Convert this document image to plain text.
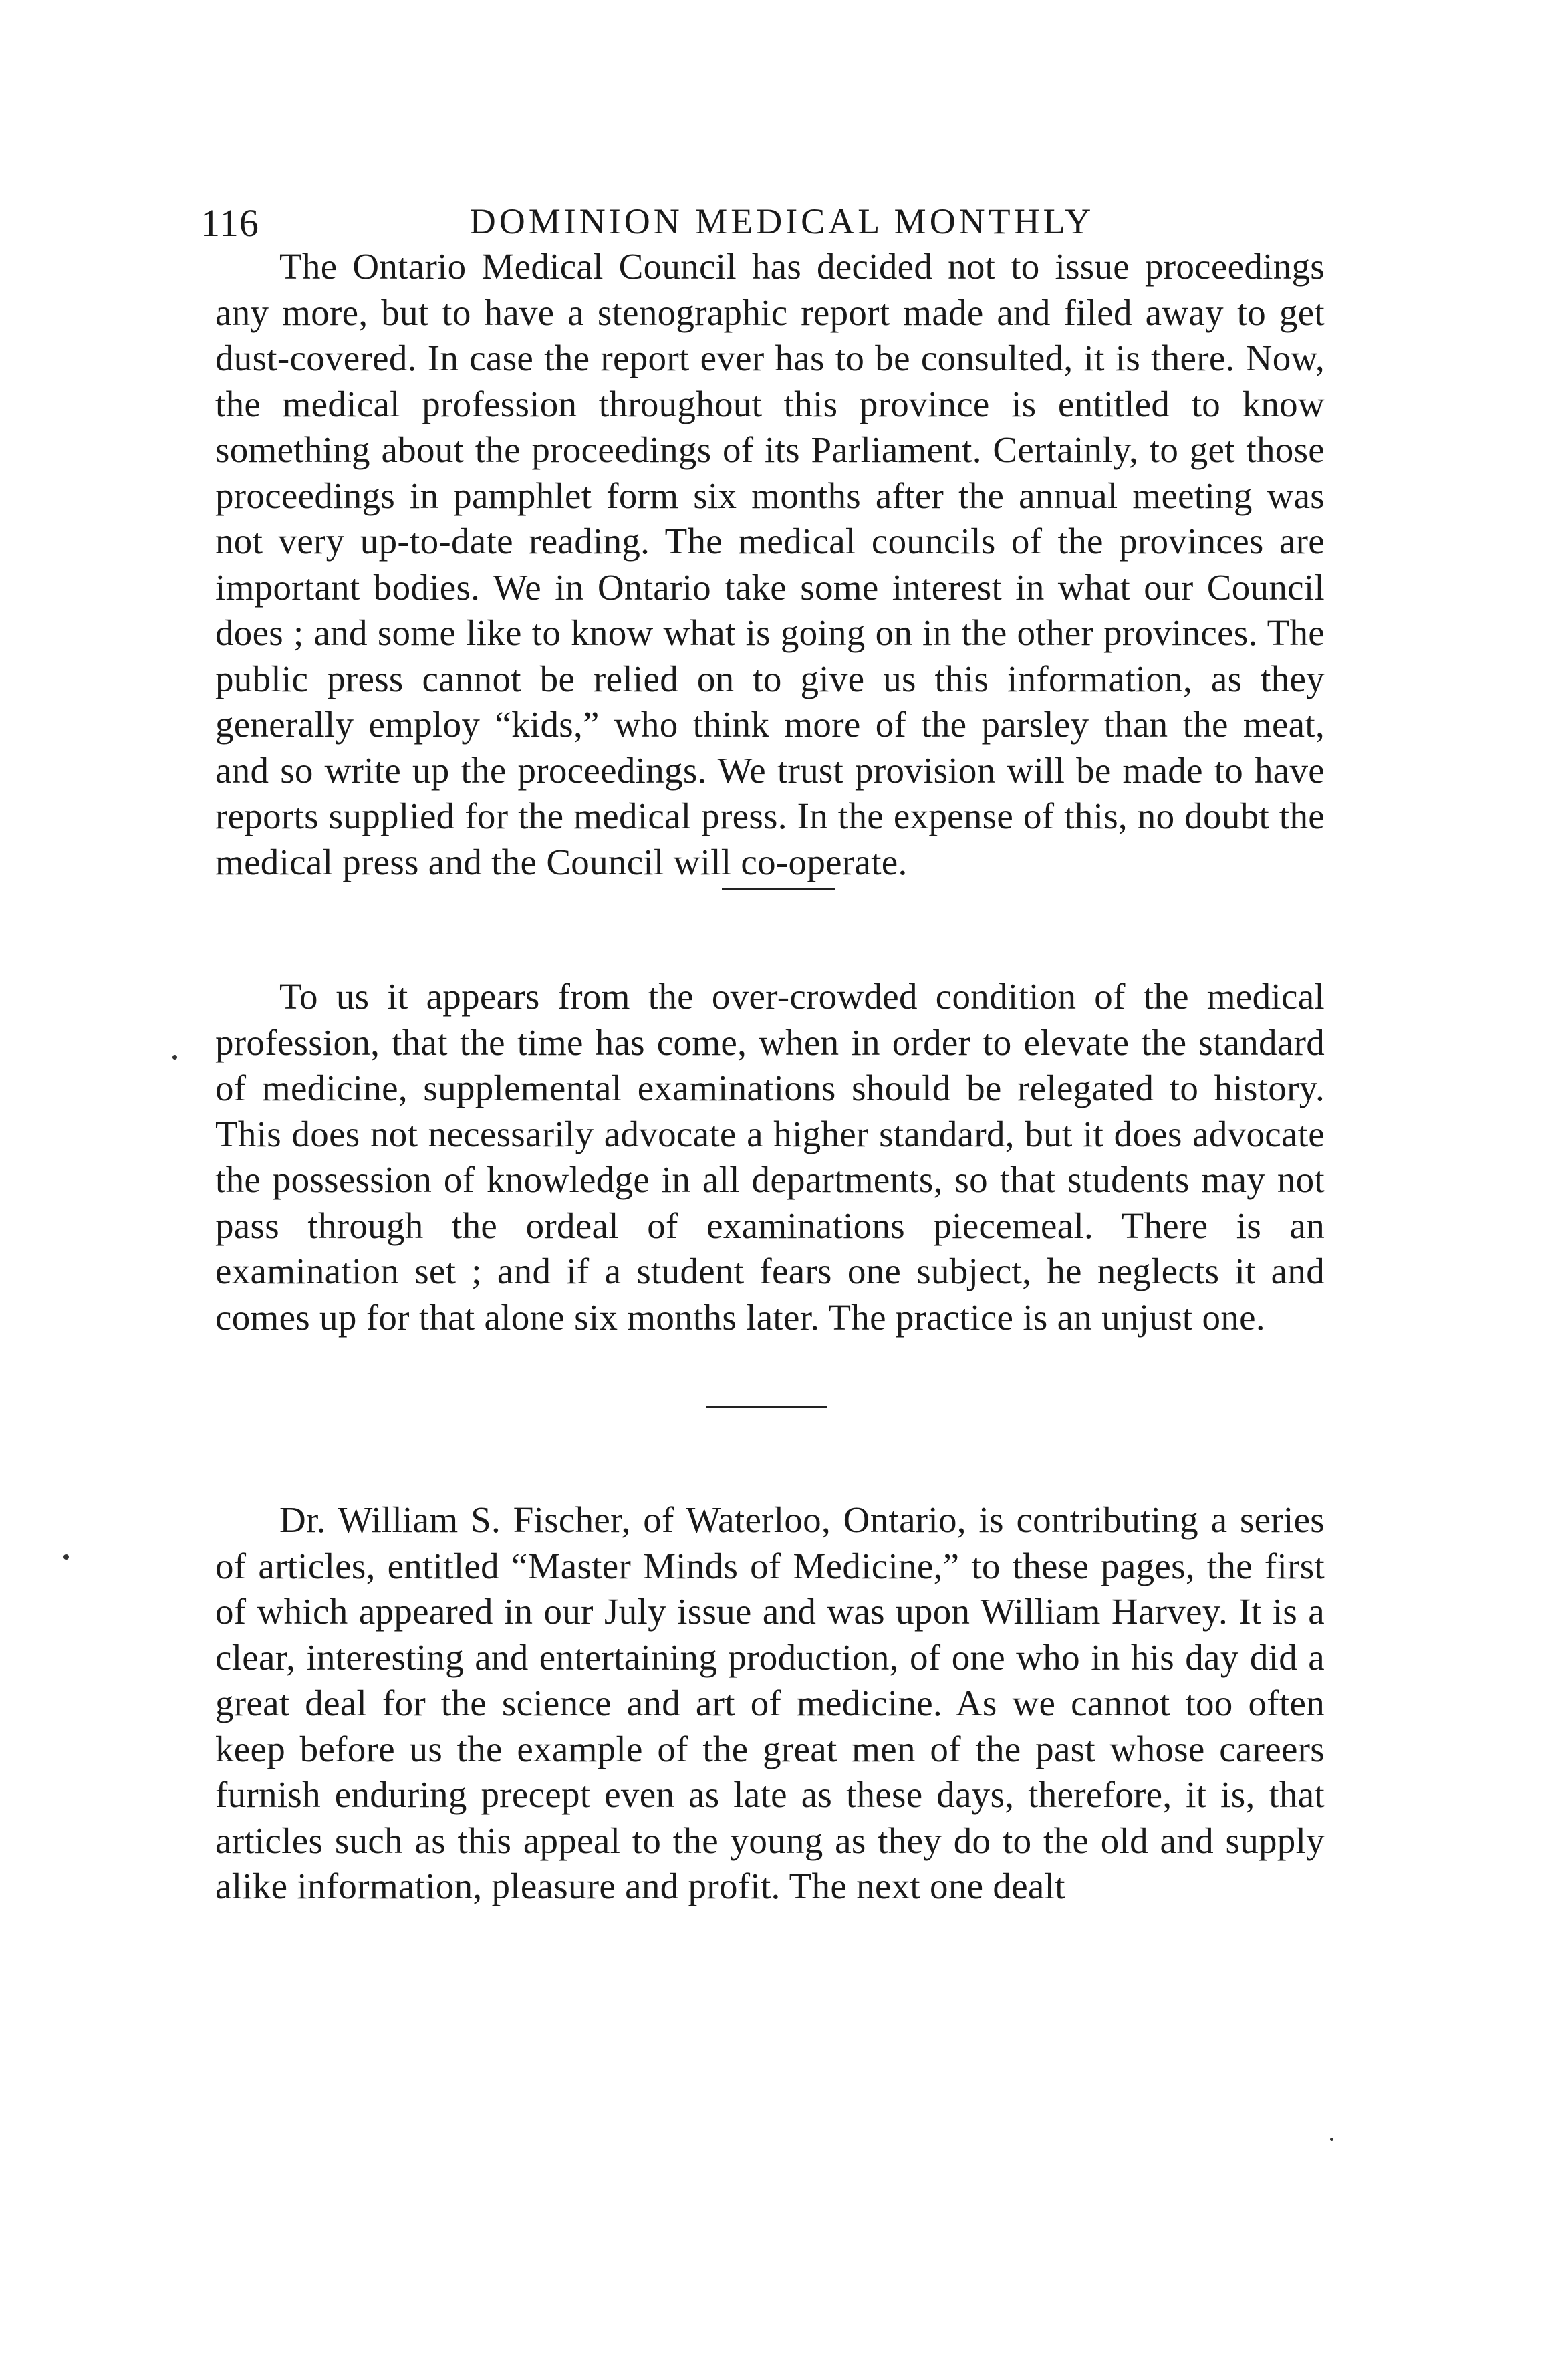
116	DOMINION MEDICAL MONTHLY

The Ontario Medical Council has decided not to issue proceedings any more, but to have a stenographic report made and filed away to get dust-covered. In case the report ever has to be consulted, it is there. Now, the medical profession throughout this province is entitled to know something about the proceedings of its Parliament. Certainly, to get those proceedings in pamphlet form six months after the annual meeting was not very up-to-date reading. The medical councils of the provinces are important bodies. We in Ontario take some interest in what our Council does ; and some like to know what is going on in the other provinces. The public press cannot be relied on to give us this information, as they generally employ “kids,” who think more of the parsley than the meat, and so write up the proceedings. We trust provision will be made to have reports supplied for the medical press. In the expense of this, no doubt the medical press and the Council will co-operate.

To us it appears from the over-crowded condition of the medical profession, that the time has come, when in order to elevate the standard of medicine, supplemental examinations should be relegated to history. This does not necessarily advocate a higher standard, but it does advocate the possession of knowledge in all departments, so that students may not pass through the ordeal of examinations piecemeal. There is an examination set ; and if a student fears one subject, he neglects it and comes up for that alone six months later. The practice is an unjust one.

Dr. William S. Fischer, of Waterloo, Ontario, is contributing a series of articles, entitled “Master Minds of Medicine,” to these pages, the first of which appeared in our July issue and was upon William Harvey. It is a clear, interesting and entertaining production, of one who in his day did a great deal for the science and art of medicine. As we cannot too often keep before us the example of the great men of the past whose careers furnish enduring precept even as late as these days, therefore, it is, that articles such as this appeal to the young as they do to the old and supply alike information, pleasure and profit. The next one dealt
